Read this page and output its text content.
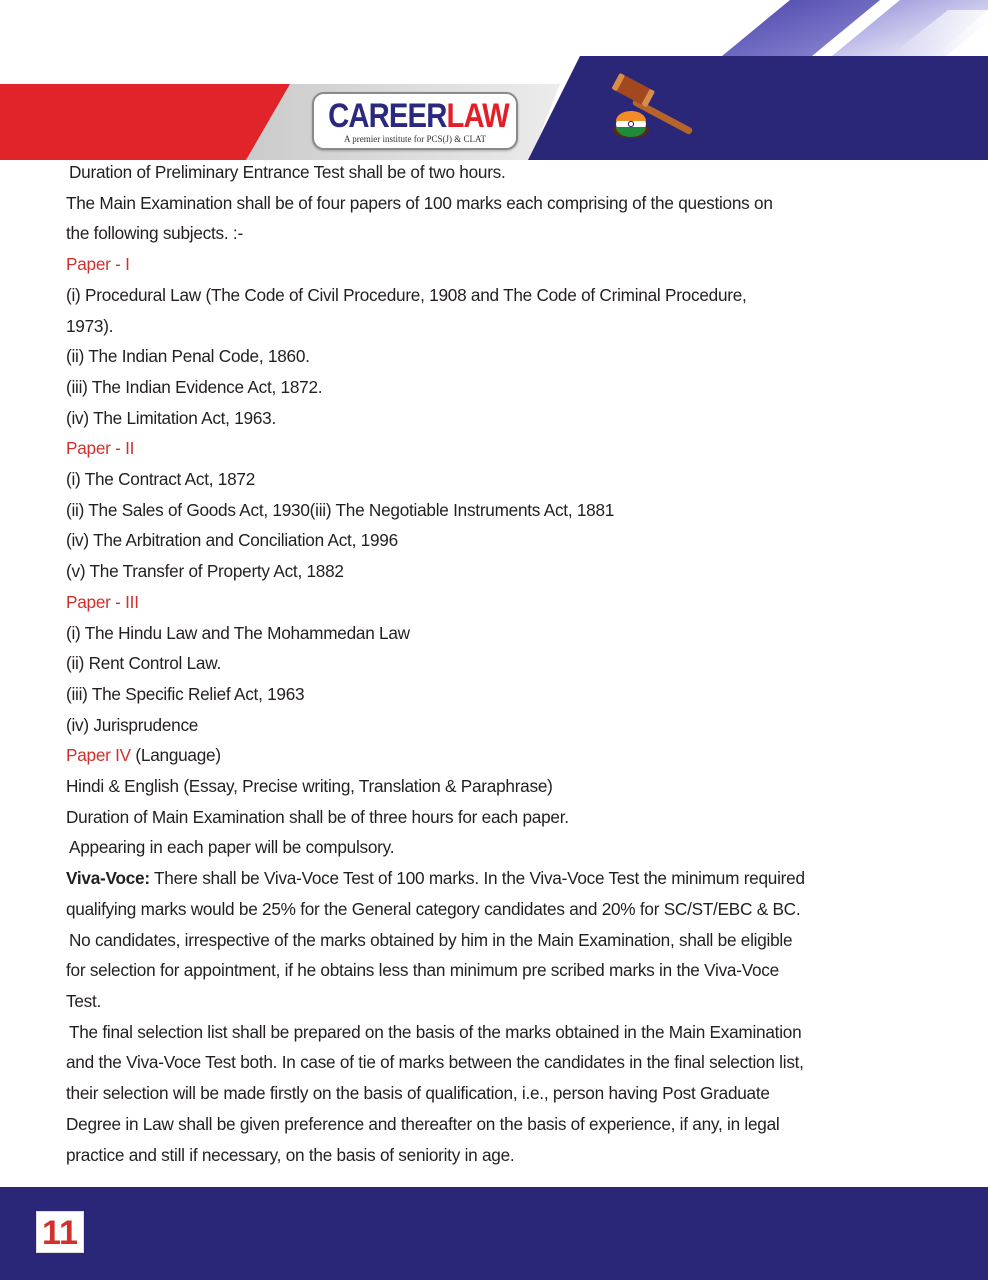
CAREERLAW
A premier institute for PCS(J) & CLAT
Duration of Preliminary Entrance Test shall be of two hours.
The Main Examination shall be of four papers of 100 marks each comprising of the questions on
the following subjects. :-
Paper - I
(i) Procedural Law (The Code of Civil Procedure, 1908 and The Code of Criminal Procedure,
1973).
(ii) The Indian Penal Code, 1860.
(iii) The Indian Evidence Act, 1872.
(iv) The Limitation Act, 1963.
Paper - II
(i) The Contract Act, 1872
(ii) The Sales of Goods Act, 1930(iii) The Negotiable Instruments Act, 1881
(iv) The Arbitration and Conciliation Act, 1996
(v) The Transfer of Property Act, 1882
Paper - III
(i) The Hindu Law and The Mohammedan Law
(ii) Rent Control Law.
(iii) The Specific Relief Act, 1963
(iv) Jurisprudence
Paper IV (Language)
Hindi & English (Essay, Precise writing, Translation & Paraphrase)
Duration of Main Examination shall be of three hours for each paper.
Appearing in each paper will be compulsory.
Viva-Voce: There shall be Viva-Voce Test of 100 marks. In the Viva-Voce Test the minimum required
qualifying marks would be 25% for the General category candidates and 20% for SC/ST/EBC & BC.
No candidates, irrespective of the marks obtained by him in the Main Examination, shall be eligible
for selection for appointment, if he obtains less than minimum pre scribed marks in the Viva-Voce
Test.
The final selection list shall be prepared on the basis of the marks obtained in the Main Examination
and the Viva-Voce Test both. In case of tie of marks between the candidates in the final selection list,
their selection will be made firstly on the basis of qualification, i.e., person having Post Graduate
Degree in Law shall be given preference and thereafter on the basis of experience, if any, in legal
practice and still if necessary, on the basis of seniority in age.
11
